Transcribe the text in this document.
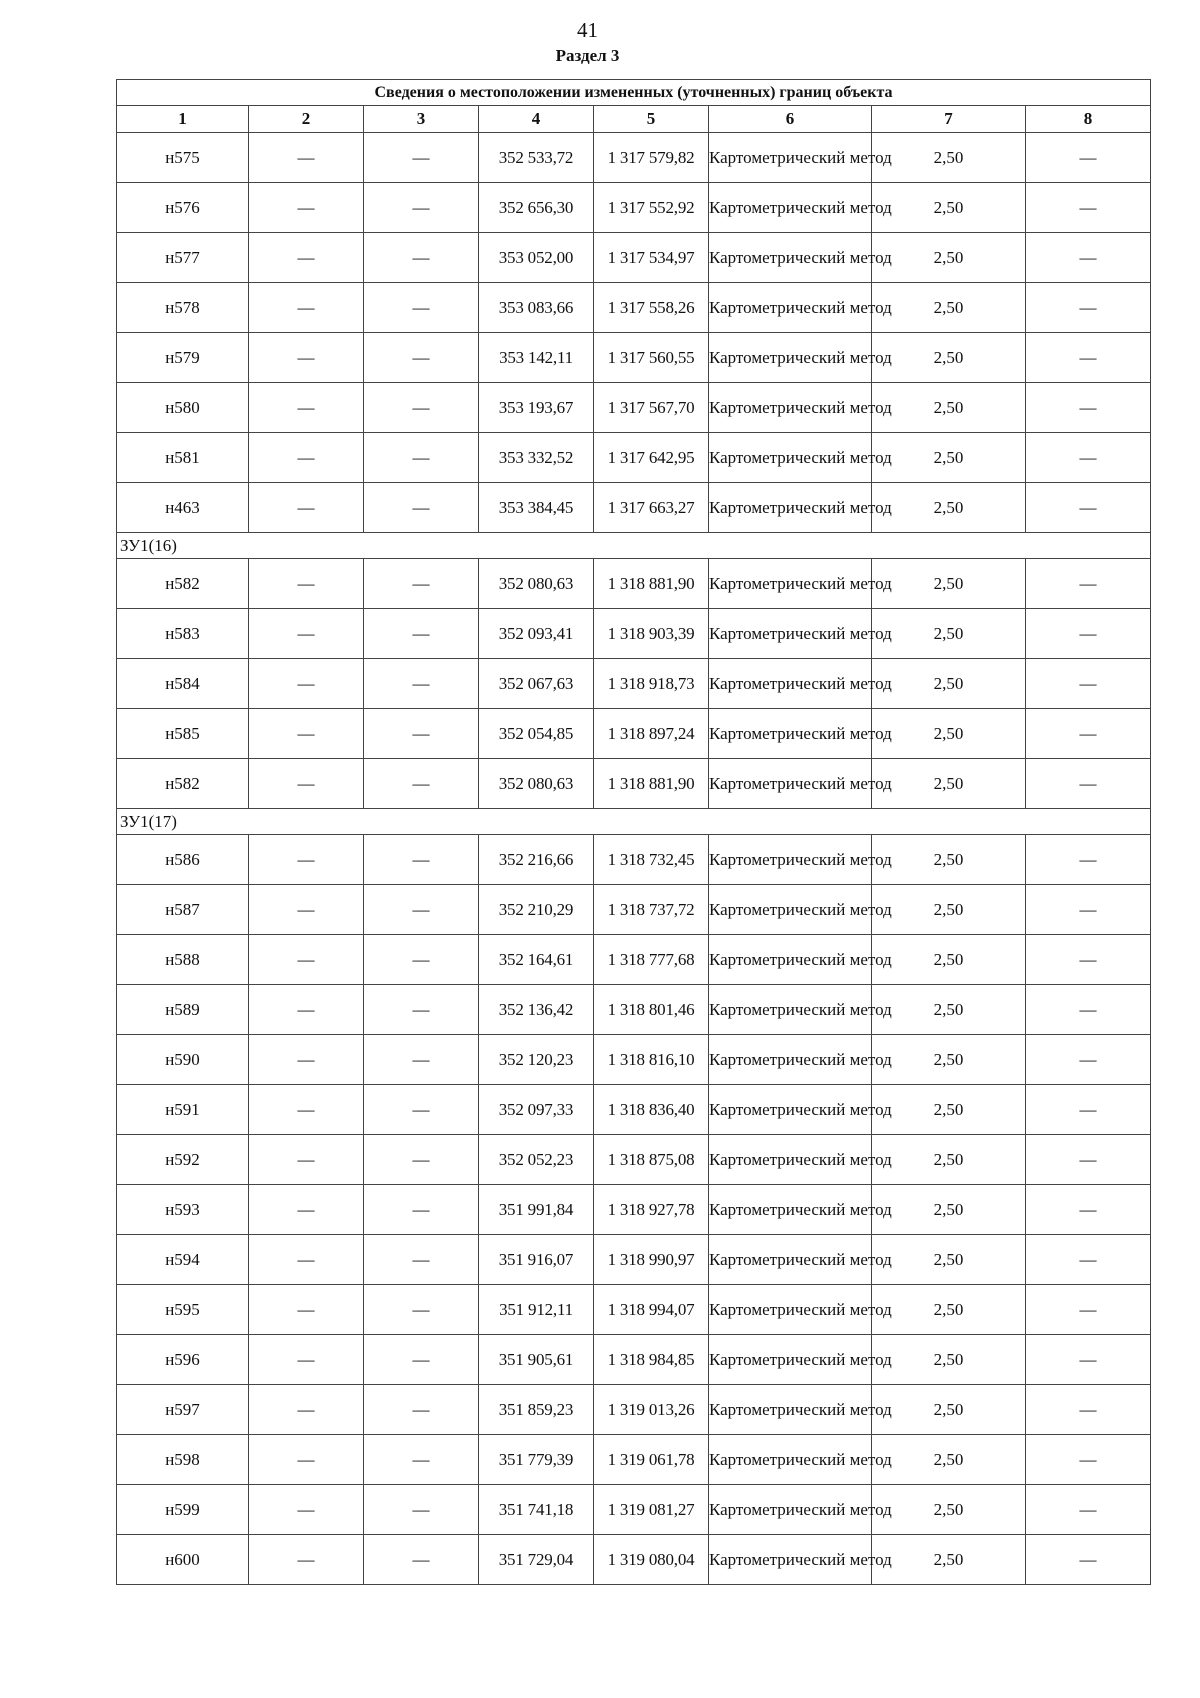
41
Раздел 3
Сведения о местоположении измененных (уточненных) границ объекта							
1	2	3	4	5	6	7	8
н575	—	—	352 533,72	1 317 579,82	Картометрический метод	2,50	—
н576	—	—	352 656,30	1 317 552,92	Картометрический метод	2,50	—
н577	—	—	353 052,00	1 317 534,97	Картометрический метод	2,50	—
н578	—	—	353 083,66	1 317 558,26	Картометрический метод	2,50	—
н579	—	—	353 142,11	1 317 560,55	Картометрический метод	2,50	—
н580	—	—	353 193,67	1 317 567,70	Картометрический метод	2,50	—
н581	—	—	353 332,52	1 317 642,95	Картометрический метод	2,50	—
н463	—	—	353 384,45	1 317 663,27	Картометрический метод	2,50	—
ЗУ1(16)							
н582	—	—	352 080,63	1 318 881,90	Картометрический метод	2,50	—
н583	—	—	352 093,41	1 318 903,39	Картометрический метод	2,50	—
н584	—	—	352 067,63	1 318 918,73	Картометрический метод	2,50	—
н585	—	—	352 054,85	1 318 897,24	Картометрический метод	2,50	—
н582	—	—	352 080,63	1 318 881,90	Картометрический метод	2,50	—
ЗУ1(17)							
н586	—	—	352 216,66	1 318 732,45	Картометрический метод	2,50	—
н587	—	—	352 210,29	1 318 737,72	Картометрический метод	2,50	—
н588	—	—	352 164,61	1 318 777,68	Картометрический метод	2,50	—
н589	—	—	352 136,42	1 318 801,46	Картометрический метод	2,50	—
н590	—	—	352 120,23	1 318 816,10	Картометрический метод	2,50	—
н591	—	—	352 097,33	1 318 836,40	Картометрический метод	2,50	—
н592	—	—	352 052,23	1 318 875,08	Картометрический метод	2,50	—
н593	—	—	351 991,84	1 318 927,78	Картометрический метод	2,50	—
н594	—	—	351 916,07	1 318 990,97	Картометрический метод	2,50	—
н595	—	—	351 912,11	1 318 994,07	Картометрический метод	2,50	—
н596	—	—	351 905,61	1 318 984,85	Картометрический метод	2,50	—
н597	—	—	351 859,23	1 319 013,26	Картометрический метод	2,50	—
н598	—	—	351 779,39	1 319 061,78	Картометрический метод	2,50	—
н599	—	—	351 741,18	1 319 081,27	Картометрический метод	2,50	—
н600	—	—	351 729,04	1 319 080,04	Картометрический метод	2,50	—
